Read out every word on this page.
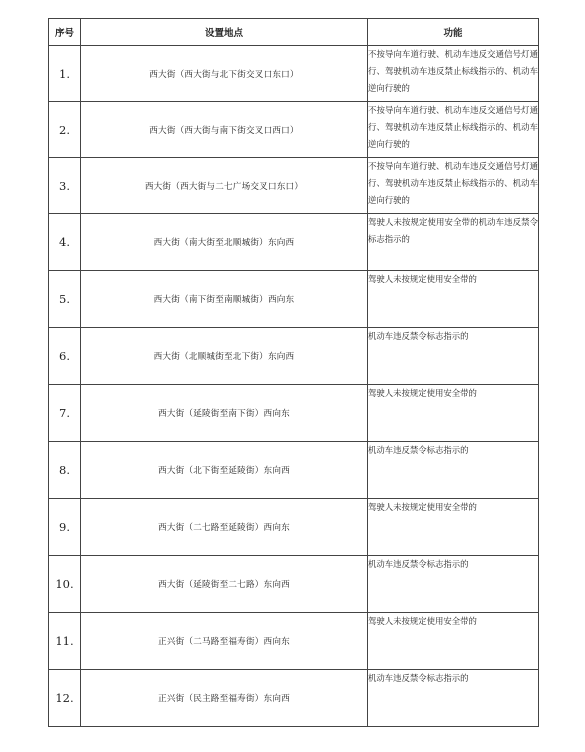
序号	设置地点	功能
1.	西大街（西大街与北下街交叉口东口）	不按导向车道行驶、机动车违反交通信号灯通行、驾驶机动车违反禁止标线指示的、机动车逆向行驶的
2.	西大街（西大街与南下街交叉口西口）	不按导向车道行驶、机动车违反交通信号灯通行、驾驶机动车违反禁止标线指示的、机动车逆向行驶的
3.	西大街（西大街与二七广场交叉口东口）	不按导向车道行驶、机动车违反交通信号灯通行、驾驶机动车违反禁止标线指示的、机动车逆向行驶的
4.	西大街（南大街至北顺城街）东向西	驾驶人未按规定使用安全带的机动车违反禁令标志指示的
5.	西大街（南下街至南顺城街）西向东	驾驶人未按规定使用安全带的
6.	西大街（北顺城街至北下街）东向西	机动车违反禁令标志指示的
7.	西大街（延陵街至南下街）西向东	驾驶人未按规定使用安全带的
8.	西大街（北下街至延陵街）东向西	机动车违反禁令标志指示的
9.	西大街（二七路至延陵街）西向东	驾驶人未按规定使用安全带的
10.	西大街（延陵街至二七路）东向西	机动车违反禁令标志指示的
11.	正兴街（二马路至福寿街）西向东	驾驶人未按规定使用安全带的
12.	正兴街（民主路至福寿街）东向西	机动车违反禁令标志指示的
